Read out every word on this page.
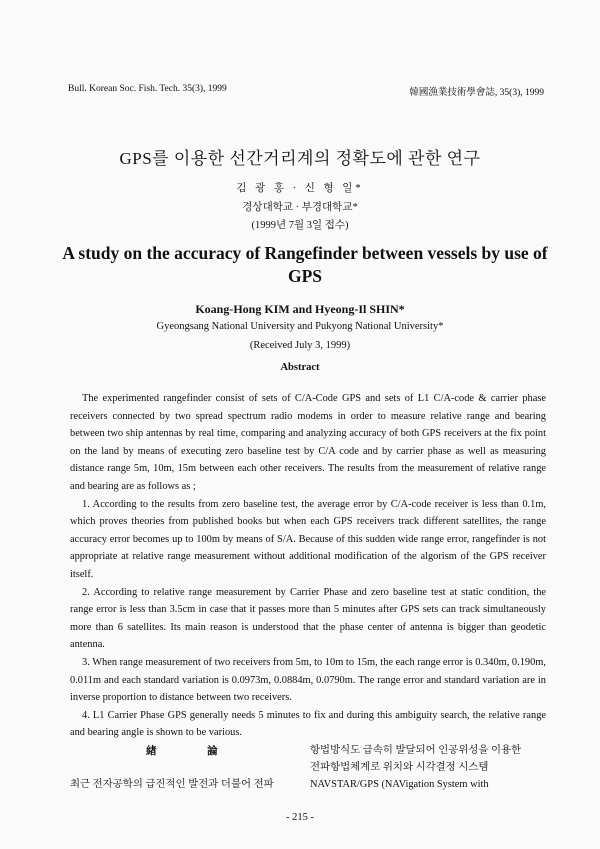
Bull. Korean Soc. Fish. Tech. 35(3), 1999	韓國漁業技術學會誌, 35(3), 1999
GPS를 이용한 선간거리계의 정확도에 관한 연구
김 광 홍 · 신 형 일*
경상대학교 · 부경대학교*
(1999년 7월 3일 접수)
A study on the accuracy of Rangefinder between vessels by use of GPS
Koang-Hong KIM and Hyeong-Il SHIN*
Gyeongsang National University and Pukyong National University*
(Received July 3, 1999)
Abstract

The experimented rangefinder consist of sets of C/A-Code GPS and sets of L1 C/A-code & carrier phase receivers connected by two spread spectrum radio modems in order to measure relative range and bearing between two ship antennas by real time, comparing and analyzing accuracy of both GPS receivers at the fix point on the land by means of executing zero baseline test by C/A code and by carrier phase as well as measuring distance range 5m, 10m, 15m between each other receivers. The results from the measurement of relative range and bearing are as follows as ;

1. According to the results from zero baseline test, the average error by C/A-code receiver is less than 0.1m, which proves theories from published books but when each GPS receivers track different satellites, the range accuracy error becomes up to 100m by means of S/A. Because of this sudden wide range error, rangefinder is not appropriate at relative range measurement without additional modification of the algorism of the GPS receiver itself.

2. According to relative range measurement by Carrier Phase and zero baseline test at static condition, the range error is less than 3.5cm in case that it passes more than 5 minutes after GPS sets can track simultaneously more than 6 satellites. Its main reason is understood that the phase center of antenna is bigger than geodetic antenna.

3. When range measurement of two receivers from 5m, to 10m to 15m, the each range error is 0.340m, 0.190m, 0.011m and each standard variation is 0.0973m, 0.0884m, 0.0790m. The range error and standard variation are in inverse proportion to distance between two receivers.

4. L1 Carrier Phase GPS generally needs 5 minutes to fix and during this ambiguity search, the relative range and bearing angle is shown to be various.

緖 論
최근 전자공학의 급진적인 발전과 더불어 전파

항법방식도 급속히 발달되어 인공위성을 이용한

전파항법체계로 위치와 시각결정 시스템

NAVSTAR/GPS (NAVigation System with

- 215 -
